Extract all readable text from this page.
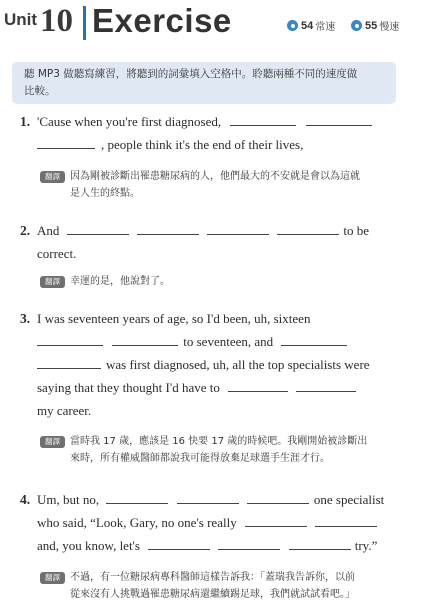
Unit 10 Exercise	54 常速	55 慢速
聽 MP3 做聽寫練習，將聽到的詞彙填入空格中。聆聽兩種不同的速度做
比較。
1. 'Cause when you're first diagnosed,
, people think it's the end of their lives,
翻譯	因為剛被診斷出罹患糖尿病的人，他們最大的不安就是會以為這就
是人生的終點。
2. And	to be
correct.
翻譯	幸運的是，他說對了。
3. I was seventeen years of age, so I'd been, uh, sixteen
to seventeen, and
was first diagnosed, uh, all the top specialists were
saying that they thought I'd have to
my career.
翻譯	當時我 17 歲，應該是 16 快要 17 歲的時候吧。我剛開始被診斷出
來時，所有權威醫師都說我可能得放棄足球選手生涯才行。
4. Um, but no,	one specialist
who said, “Look, Gary, no one's really
and, you know, let's	try.”
翻譯	不過，有一位糖尿病專科醫師這樣告訴我：「蓋瑞我告訴你，以前
從來沒有人挑戰過罹患糖尿病還繼續踢足球，我們就試試看吧。」
